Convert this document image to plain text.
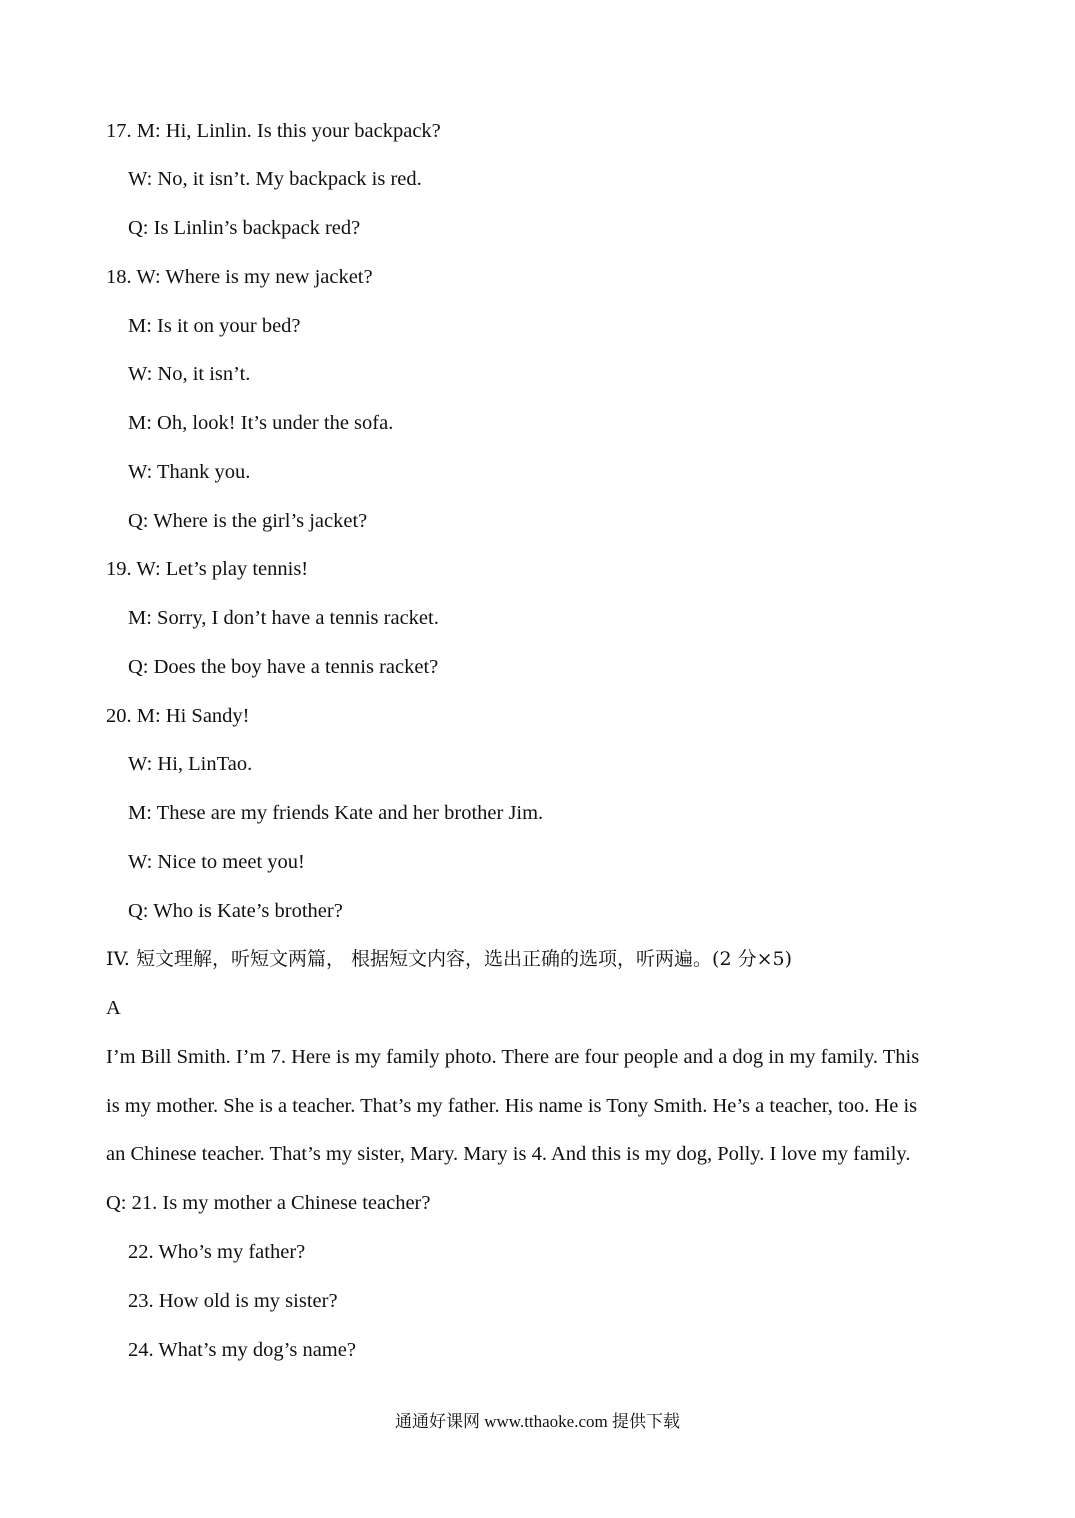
17. M: Hi, Linlin. Is this your backpack?
W: No, it isn’t. My backpack is red.
Q: Is Linlin’s backpack red?
18. W: Where is my new jacket?
M: Is it on your bed?
W: No, it isn’t.
M: Oh, look! It’s under the sofa.
W: Thank you.
Q: Where is the girl’s jacket?
19. W: Let’s play tennis!
M: Sorry, I don’t have a tennis racket.
Q: Does the boy have a tennis racket?
20. M: Hi Sandy!
W: Hi, LinTao.
M: These are my friends Kate and her brother Jim.
W: Nice to meet you!
Q: Who is Kate’s brother?
IV. 短文理解，听短文两篇， 根据短文内容，选出正确的选项，听两遍。(2 分×5)
A
I’m Bill Smith. I’m 7. Here is my family photo. There are four people and a dog in my family. This
is my mother. She is a teacher. That’s my father. His name is Tony Smith. He’s a teacher, too. He is
an Chinese teacher. That’s my sister, Mary. Mary is 4. And this is my dog, Polly. I love my family.
Q: 21. Is my mother a Chinese teacher?
22. Who’s my father?
23. How old is my sister?
24. What’s my dog’s name?
通通好课网 www.tthaoke.com 提供下载
